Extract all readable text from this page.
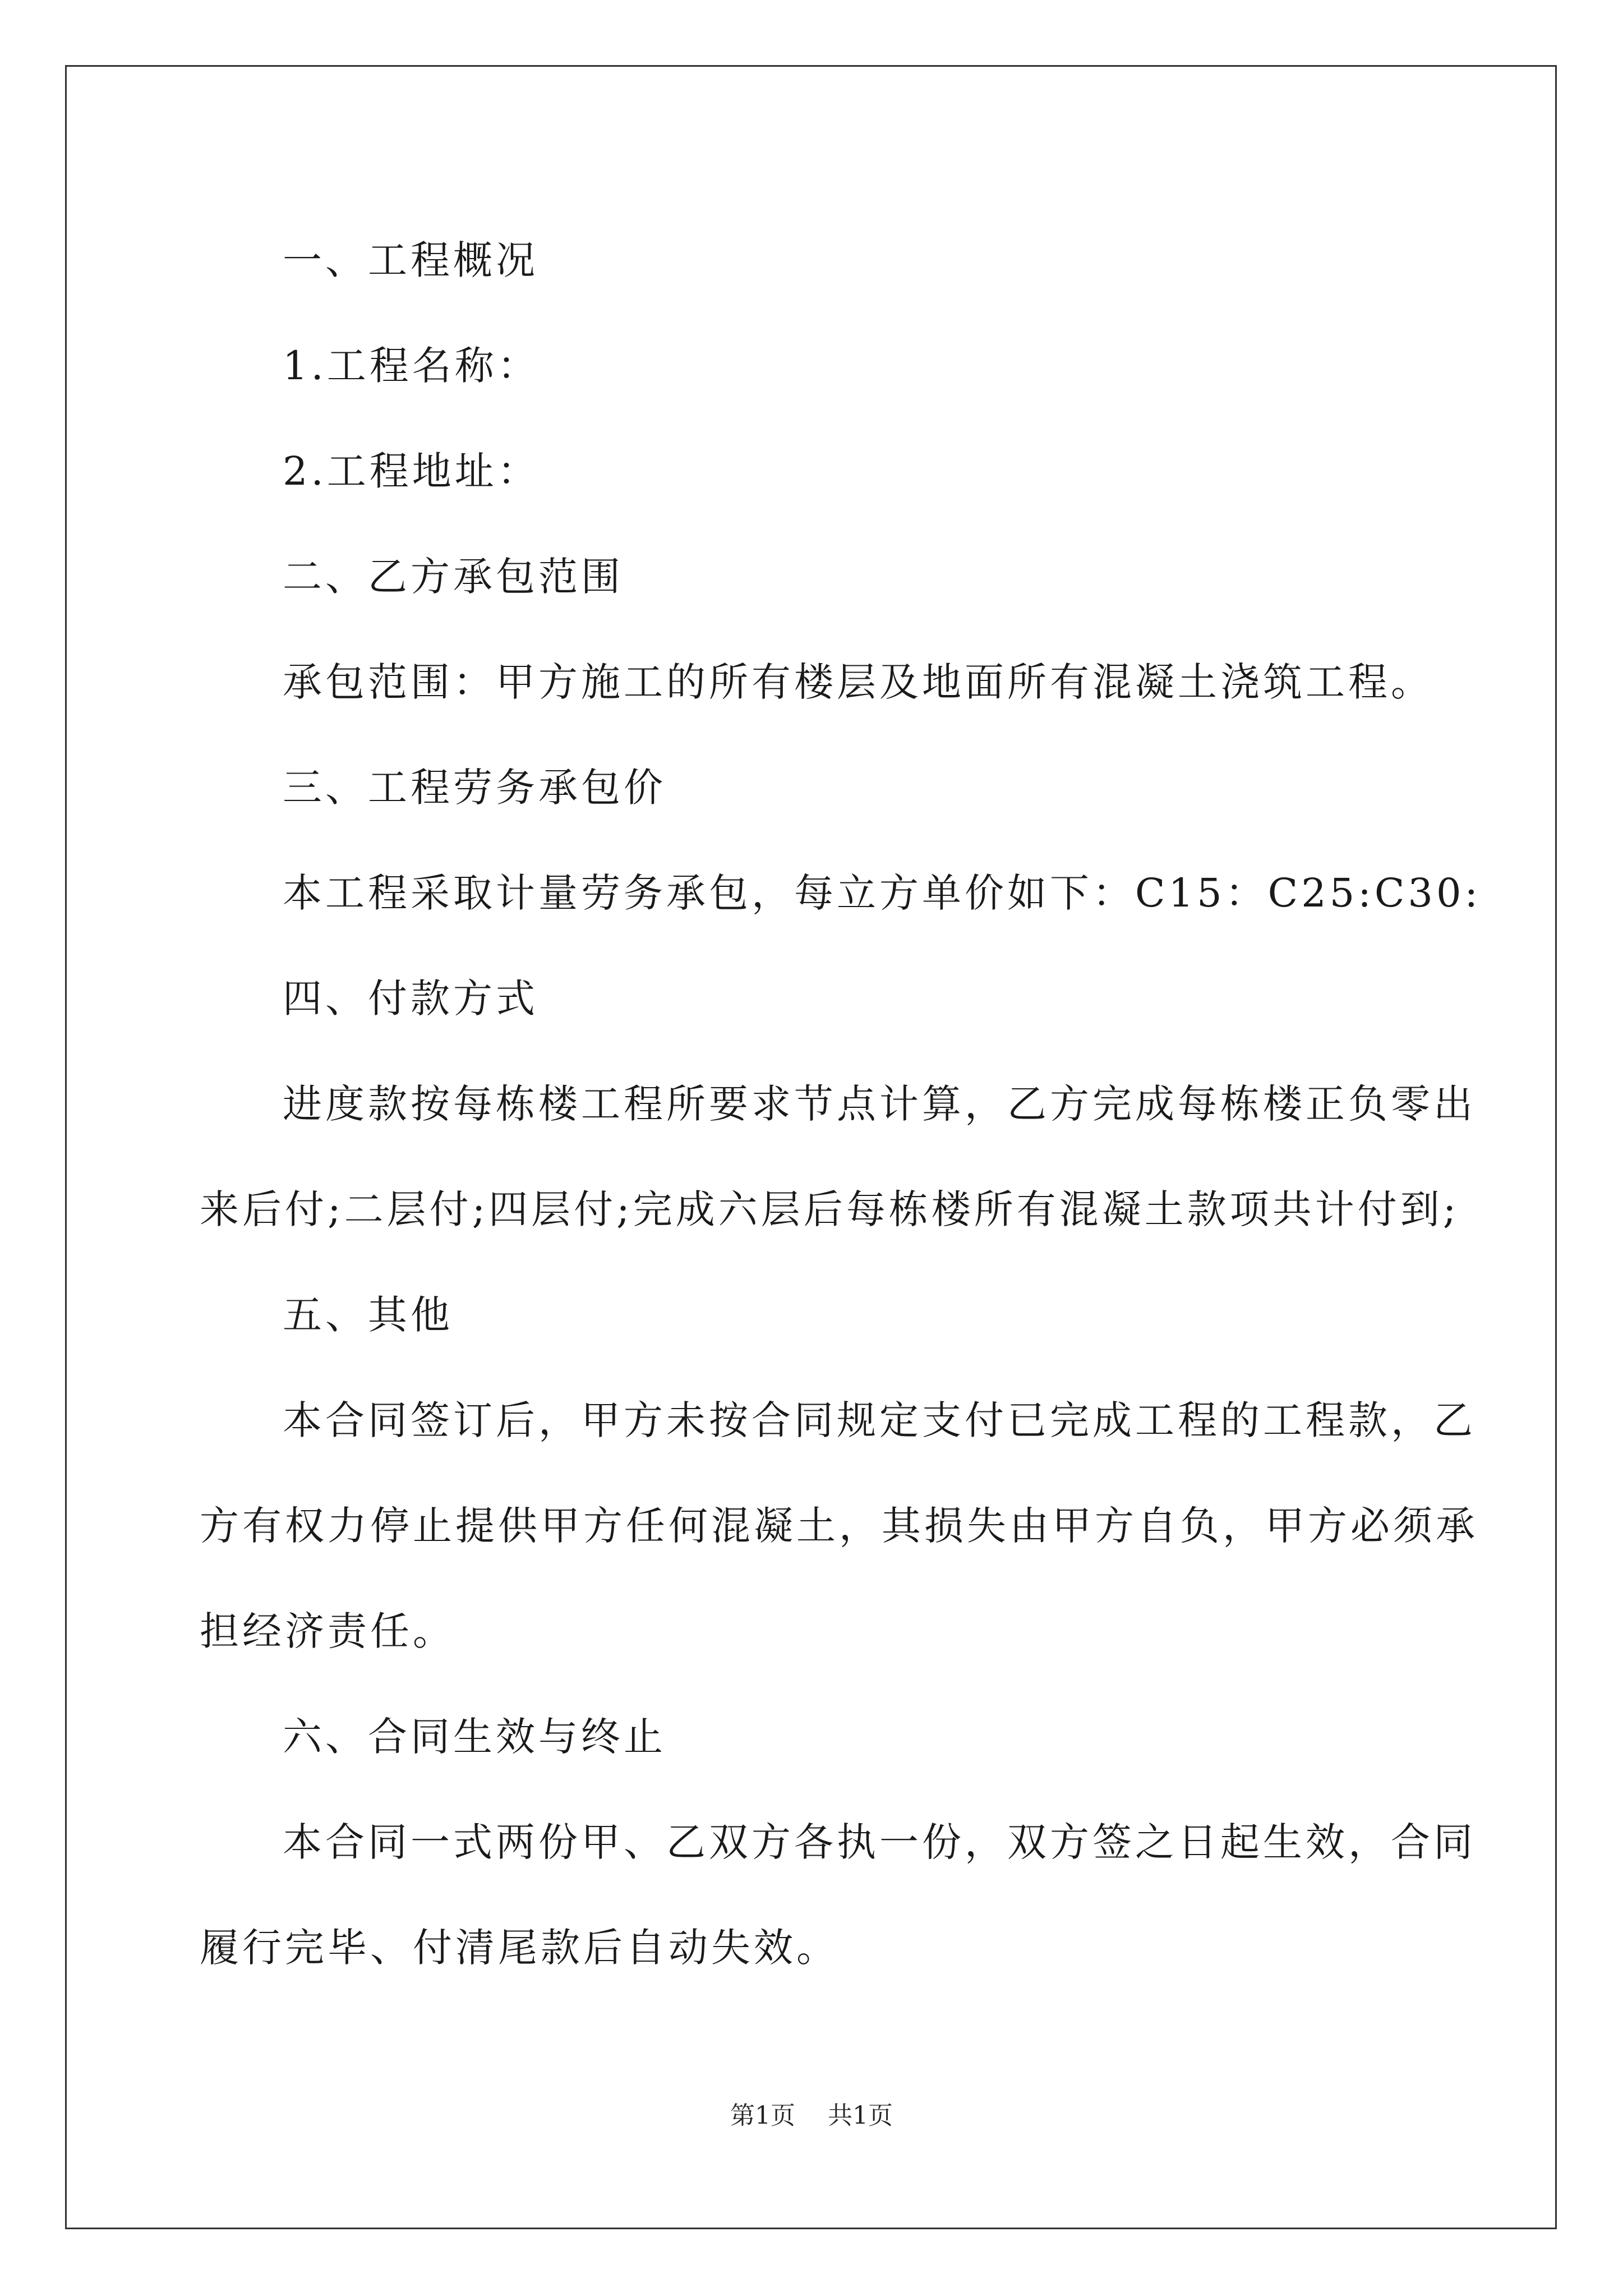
一、工程概况
1.工程名称：
2.工程地址：
二、乙方承包范围
承包范围：甲方施工的所有楼层及地面所有混凝土浇筑工程。
三、工程劳务承包价
本工程采取计量劳务承包，每立方单价如下：C15：C25:C30:
四、付款方式
进度款按每栋楼工程所要求节点计算，乙方完成每栋楼正负零出
来后付;二层付;四层付;完成六层后每栋楼所有混凝土款项共计付到;
五、其他
本合同签订后，甲方未按合同规定支付已完成工程的工程款，乙
方有权力停止提供甲方任何混凝土，其损失由甲方自负，甲方必须承
担经济责任。
六、合同生效与终止
本合同一式两份甲、乙双方各执一份，双方签之日起生效，合同
履行完毕、付清尾款后自动失效。
第1页 共1页
